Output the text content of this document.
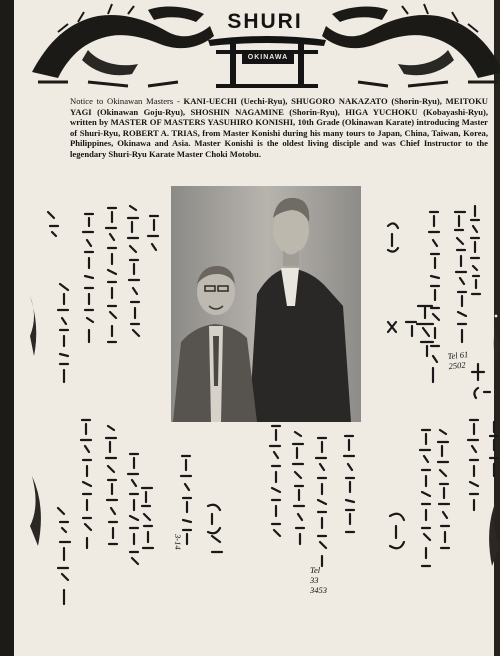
SHURI
OKINAWA
Notice to Okinawan Masters - KANI-UECHI (Uechi-Ryu), SHUGORO NAKAZATO (Shorin-Ryu), MEITOKU YAGI (Okinawan Goju-Ryu), SHOSHIN NAGAMINE (Shorin-Ryu), HIGA YUCHOKU (Kobayashi-Ryu), written by MASTER OF MASTERS YASUHIRO KONISHI, 10th Grade (Okinawan Karate) introducing Master of Shuri-Ryu, ROBERT A. TRIAS, from Master Konishi during his many tours to Japan, China, Taiwan, Korea, Philippines, Okinawa and Asia. Master Konishi is the oldest living disciple and was Chief Instructor to the legendary Shuri-Ryu Karate Master Choki Motobu.
Tel 61 2502
Tel 33 3453
3-14
